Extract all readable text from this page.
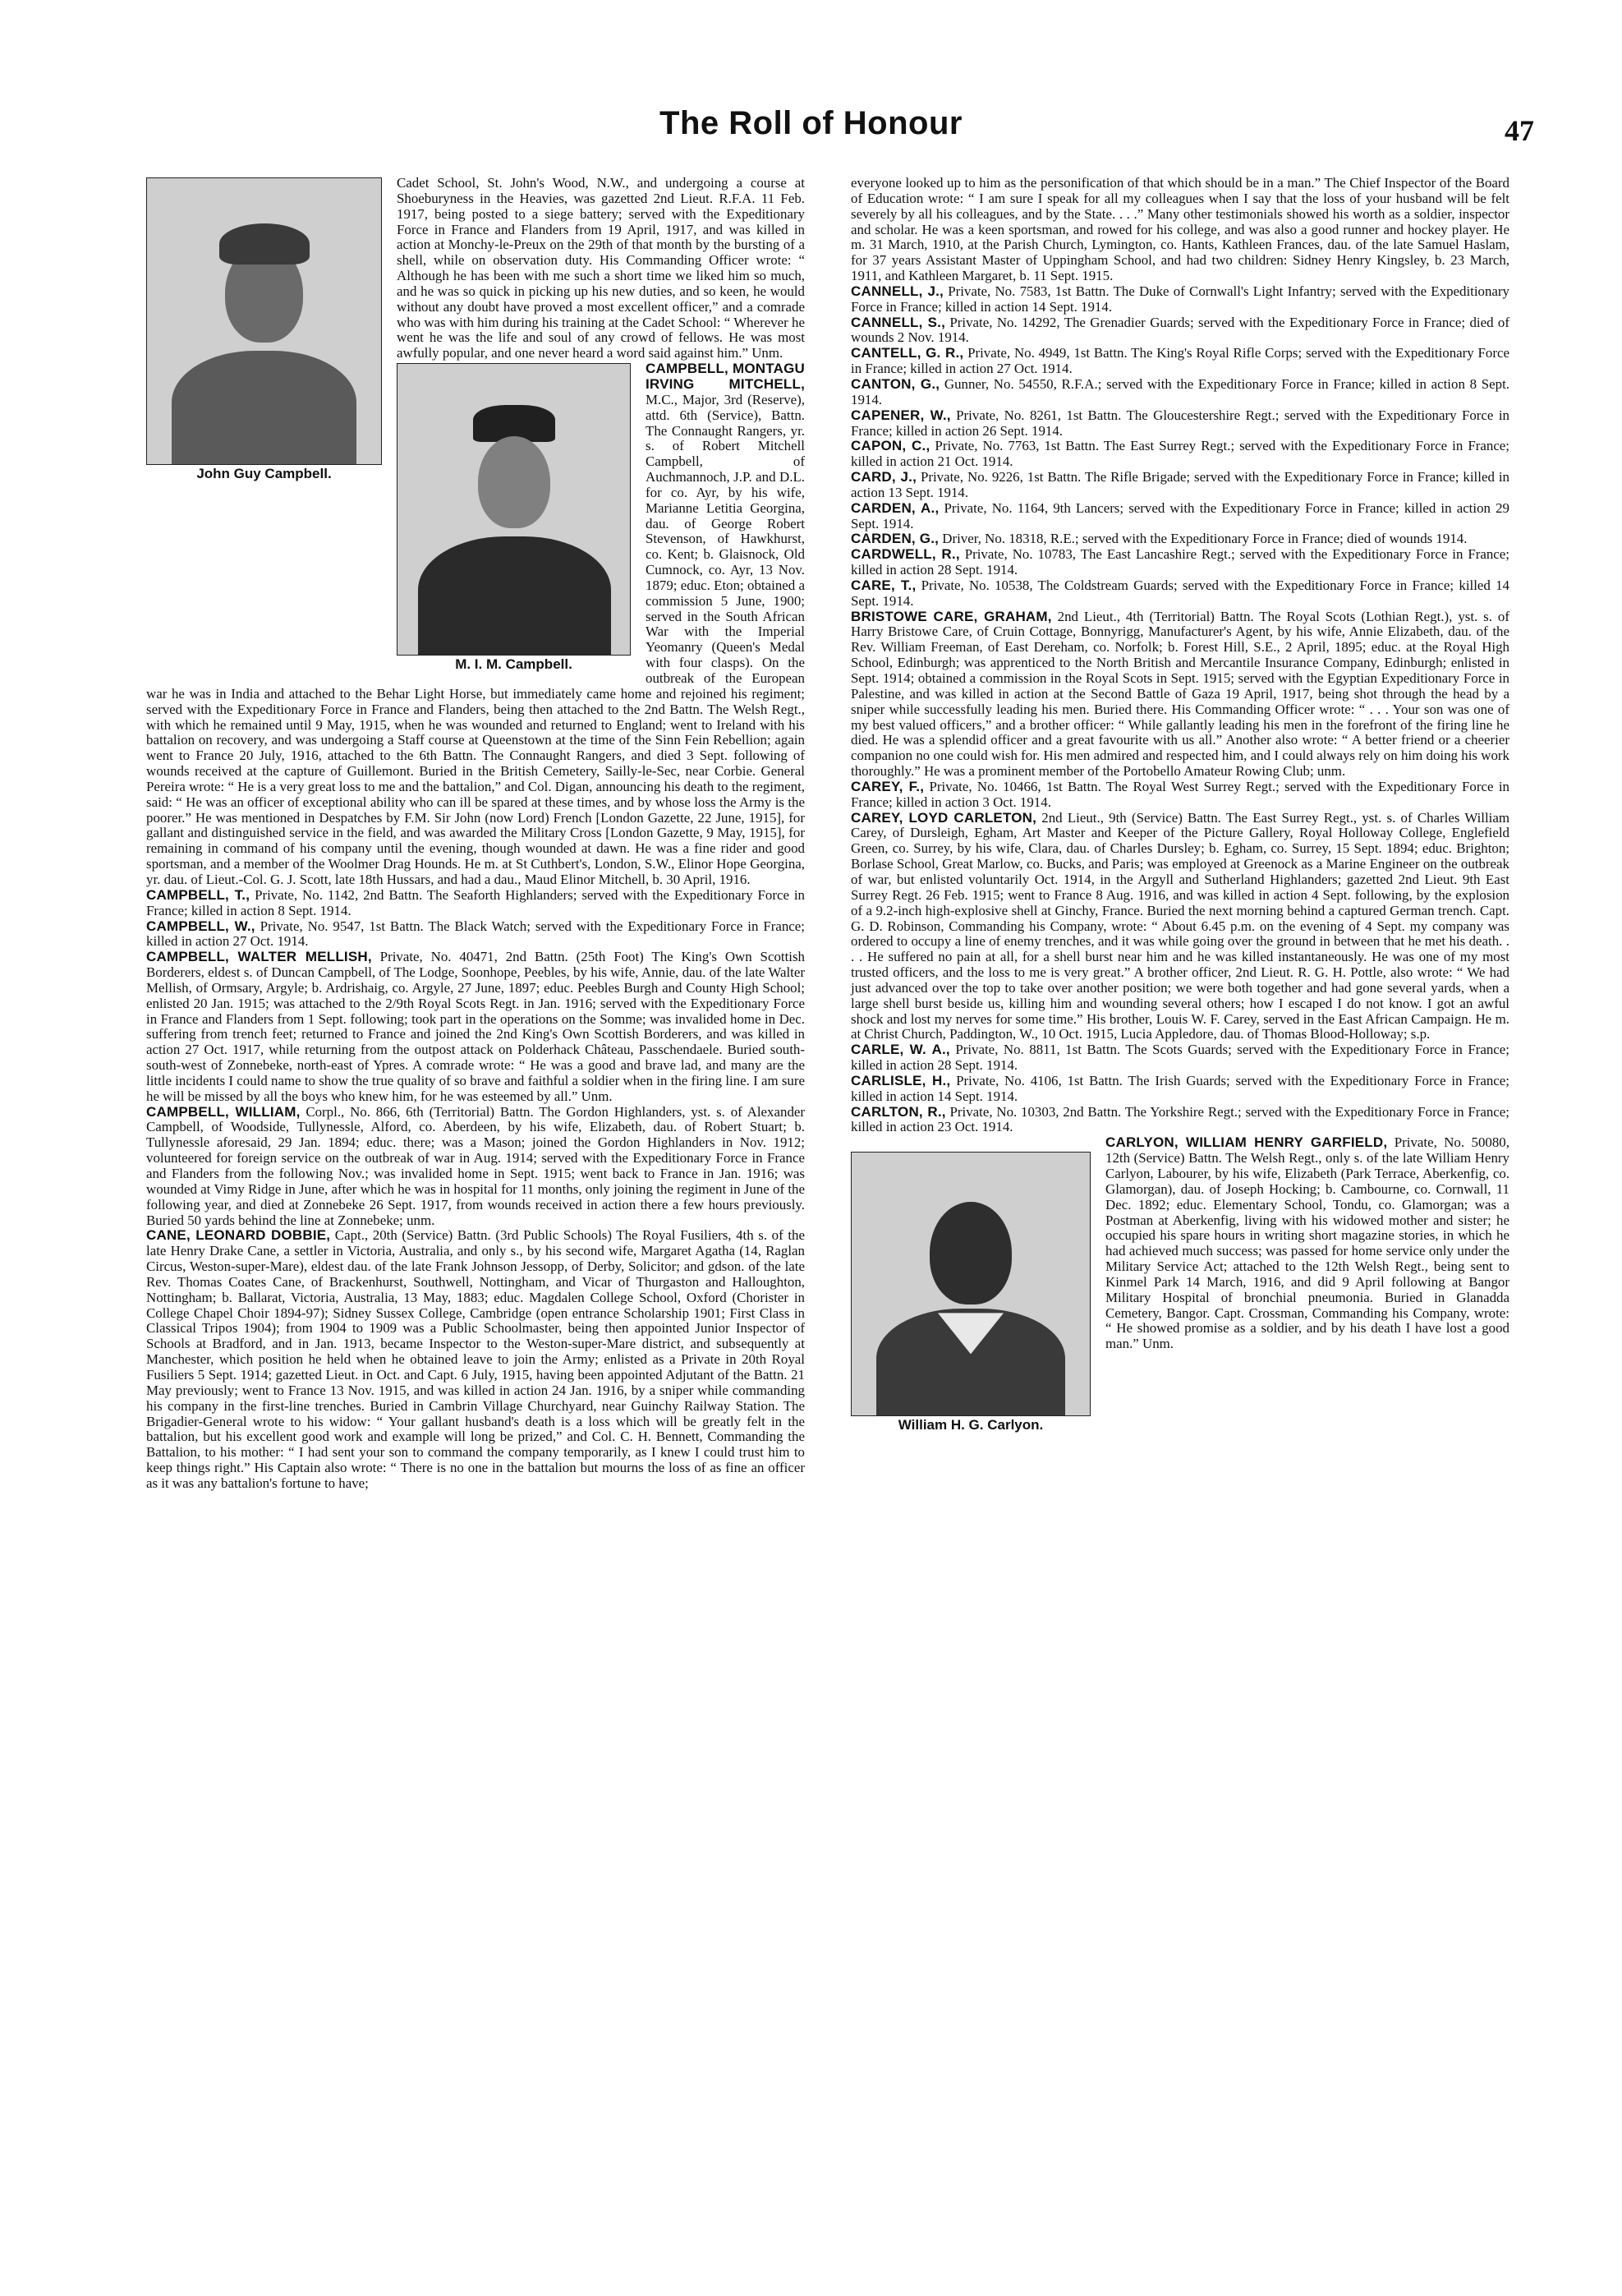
The Roll of Honour	47
John Guy Campbell.

Cadet School, St. John's Wood, N.W., and undergoing a course at Shoeburyness in the Heavies, was gazetted 2nd Lieut. R.F.A. 11 Feb. 1917, being posted to a siege battery; served with the Expeditionary Force in France and Flanders from 19 April, 1917, and was killed in action at Monchy-le-Preux on the 29th of that month by the bursting of a shell, while on observation duty. His Commanding Officer wrote: “ Although he has been with me such a short time we liked him so much, and he was so quick in picking up his new duties, and so keen, he would without any doubt have proved a most excellent officer,” and a comrade who was with him during his training at the Cadet School: “ Wherever he went he was the life and soul of any crowd of fellows. He was most awfully popular, and one never heard a word said against him.” Unm.

M. I. M. Campbell.

CAMPBELL, MONTAGU IRVING MITCHELL, M.C., Major, 3rd (Reserve), attd. 6th (Service), Battn. The Connaught Rangers, yr. s. of Robert Mitchell Campbell, of Auchmannoch, J.P. and D.L. for co. Ayr, by his wife, Marianne Letitia Georgina, dau. of George Robert Stevenson, of Hawkhurst, co. Kent; b. Glaisnock, Old Cumnock, co. Ayr, 13 Nov. 1879; educ. Eton; obtained a commission 5 June, 1900; served in the South African War with the Imperial Yeomanry (Queen's Medal with four clasps). On the outbreak of the European war he was in India and attached to the Behar Light Horse, but immediately came home and rejoined his regiment; served with the Expeditionary Force in France and Flanders, being then attached to the 2nd Battn. The Welsh Regt., with which he remained until 9 May, 1915, when he was wounded and returned to England; went to Ireland with his battalion on recovery, and was undergoing a Staff course at Queenstown at the time of the Sinn Fein Rebellion; again went to France 20 July, 1916, attached to the 6th Battn. The Connaught Rangers, and died 3 Sept. following of wounds received at the capture of Guillemont. Buried in the British Cemetery, Sailly-le-Sec, near Corbie. General Pereira wrote: “ He is a very great loss to me and the battalion,” and Col. Digan, announcing his death to the regiment, said: “ He was an officer of exceptional ability who can ill be spared at these times, and by whose loss the Army is the poorer.” He was mentioned in Despatches by F.M. Sir John (now Lord) French [London Gazette, 22 June, 1915], for gallant and distinguished service in the field, and was awarded the Military Cross [London Gazette, 9 May, 1915], for remaining in command of his company until the evening, though wounded at dawn. He was a fine rider and good sportsman, and a member of the Woolmer Drag Hounds. He m. at St Cuthbert's, London, S.W., Elinor Hope Georgina, yr. dau. of Lieut.-Col. G. J. Scott, late 18th Hussars, and had a dau., Maud Elinor Mitchell, b. 30 April, 1916.

CAMPBELL, T., Private, No. 1142, 2nd Battn. The Seaforth Highlanders; served with the Expeditionary Force in France; killed in action 8 Sept. 1914.

CAMPBELL, W., Private, No. 9547, 1st Battn. The Black Watch; served with the Expeditionary Force in France; killed in action 27 Oct. 1914.

CAMPBELL, WALTER MELLISH, Private, No. 40471, 2nd Battn. (25th Foot) The King's Own Scottish Borderers, eldest s. of Duncan Campbell, of The Lodge, Soonhope, Peebles, by his wife, Annie, dau. of the late Walter Mellish, of Ormsary, Argyle; b. Ardrishaig, co. Argyle, 27 June, 1897; educ. Peebles Burgh and County High School; enlisted 20 Jan. 1915; was attached to the 2/9th Royal Scots Regt. in Jan. 1916; served with the Expeditionary Force in France and Flanders from 1 Sept. following; took part in the operations on the Somme; was invalided home in Dec. suffering from trench feet; returned to France and joined the 2nd King's Own Scottish Borderers, and was killed in action 27 Oct. 1917, while returning from the outpost attack on Polderhack Château, Passchendaele. Buried south-south-west of Zonnebeke, north-east of Ypres. A comrade wrote: “ He was a good and brave lad, and many are the little incidents I could name to show the true quality of so brave and faithful a soldier when in the firing line. I am sure he will be missed by all the boys who knew him, for he was esteemed by all.” Unm.

CAMPBELL, WILLIAM, Corpl., No. 866, 6th (Territorial) Battn. The Gordon Highlanders, yst. s. of Alexander Campbell, of Woodside, Tullynessle, Alford, co. Aberdeen, by his wife, Elizabeth, dau. of Robert Stuart; b. Tullynessle aforesaid, 29 Jan. 1894; educ. there; was a Mason; joined the Gordon Highlanders in Nov. 1912; volunteered for foreign service on the outbreak of war in Aug. 1914; served with the Expeditionary Force in France and Flanders from the following Nov.; was invalided home in Sept. 1915; went back to France in Jan. 1916; was wounded at Vimy Ridge in June, after which he was in hospital for 11 months, only joining the regiment in June of the following year, and died at Zonnebeke 26 Sept. 1917, from wounds received in action there a few hours previously. Buried 50 yards behind the line at Zonnebeke; unm.

CANE, LEONARD DOBBIE, Capt., 20th (Service) Battn. (3rd Public Schools) The Royal Fusiliers, 4th s. of the late Henry Drake Cane, a settler in Victoria, Australia, and only s., by his second wife, Margaret Agatha (14, Raglan Circus, Weston-super-Mare), eldest dau. of the late Frank Johnson Jessopp, of Derby, Solicitor; and gdson. of the late Rev. Thomas Coates Cane, of Brackenhurst, Southwell, Nottingham, and Vicar of Thurgaston and Halloughton, Nottingham; b. Ballarat, Victoria, Australia, 13 May, 1883; educ. Magdalen College School, Oxford (Chorister in College Chapel Choir 1894-97); Sidney Sussex College, Cambridge (open entrance Scholarship 1901; First Class in Classical Tripos 1904); from 1904 to 1909 was a Public Schoolmaster, being then appointed Junior Inspector of Schools at Bradford, and in Jan. 1913, became Inspector to the Weston-super-Mare district, and subsequently at Manchester, which position he held when he obtained leave to join the Army; enlisted as a Private in 20th Royal Fusiliers 5 Sept. 1914; gazetted Lieut. in Oct. and Capt. 6 July, 1915, having been appointed Adjutant of the Battn. 21 May previously; went to France 13 Nov. 1915, and was killed in action 24 Jan. 1916, by a sniper while commanding his company in the first-line trenches. Buried in Cambrin Village Churchyard, near Guinchy Railway Station. The Brigadier-General wrote to his widow: “ Your gallant husband's death is a loss which will be greatly felt in the battalion, but his excellent good work and example will long be prized,” and Col. C. H. Bennett, Commanding the Battalion, to his mother: “ I had sent your son to command the company temporarily, as I knew I could trust him to keep things right.” His Captain also wrote: “ There is no one in the battalion but mourns the loss of as fine an officer as it was any battalion's fortune to have;

everyone looked up to him as the personification of that which should be in a man.” The Chief Inspector of the Board of Education wrote: “ I am sure I speak for all my colleagues when I say that the loss of your husband will be felt severely by all his colleagues, and by the State. . . .” Many other testimonials showed his worth as a soldier, inspector and scholar. He was a keen sportsman, and rowed for his college, and was also a good runner and hockey player. He m. 31 March, 1910, at the Parish Church, Lymington, co. Hants, Kathleen Frances, dau. of the late Samuel Haslam, for 37 years Assistant Master of Uppingham School, and had two children: Sidney Henry Kingsley, b. 23 March, 1911, and Kathleen Margaret, b. 11 Sept. 1915.

CANNELL, J., Private, No. 7583, 1st Battn. The Duke of Cornwall's Light Infantry; served with the Expeditionary Force in France; killed in action 14 Sept. 1914.

CANNELL, S., Private, No. 14292, The Grenadier Guards; served with the Expeditionary Force in France; died of wounds 2 Nov. 1914.

CANTELL, G. R., Private, No. 4949, 1st Battn. The King's Royal Rifle Corps; served with the Expeditionary Force in France; killed in action 27 Oct. 1914.

CANTON, G., Gunner, No. 54550, R.F.A.; served with the Expeditionary Force in France; killed in action 8 Sept. 1914.

CAPENER, W., Private, No. 8261, 1st Battn. The Gloucestershire Regt.; served with the Expeditionary Force in France; killed in action 26 Sept. 1914.

CAPON, C., Private, No. 7763, 1st Battn. The East Surrey Regt.; served with the Expeditionary Force in France; killed in action 21 Oct. 1914.

CARD, J., Private, No. 9226, 1st Battn. The Rifle Brigade; served with the Expeditionary Force in France; killed in action 13 Sept. 1914.

CARDEN, A., Private, No. 1164, 9th Lancers; served with the Expeditionary Force in France; killed in action 29 Sept. 1914.

CARDEN, G., Driver, No. 18318, R.E.; served with the Expeditionary Force in France; died of wounds 1914.

CARDWELL, R., Private, No. 10783, The East Lancashire Regt.; served with the Expeditionary Force in France; killed in action 28 Sept. 1914.

CARE, T., Private, No. 10538, The Coldstream Guards; served with the Expeditionary Force in France; killed 14 Sept. 1914.

BRISTOWE CARE, GRAHAM, 2nd Lieut., 4th (Territorial) Battn. The Royal Scots (Lothian Regt.), yst. s. of Harry Bristowe Care, of Cruin Cottage, Bonnyrigg, Manufacturer's Agent, by his wife, Annie Elizabeth, dau. of the Rev. William Freeman, of East Dereham, co. Norfolk; b. Forest Hill, S.E., 2 April, 1895; educ. at the Royal High School, Edinburgh; was apprenticed to the North British and Mercantile Insurance Company, Edinburgh; enlisted in Sept. 1914; obtained a commission in the Royal Scots in Sept. 1915; served with the Egyptian Expeditionary Force in Palestine, and was killed in action at the Second Battle of Gaza 19 April, 1917, being shot through the head by a sniper while successfully leading his men. Buried there. His Commanding Officer wrote: “ . . . Your son was one of my best valued officers,” and a brother officer: “ While gallantly leading his men in the forefront of the firing line he died. He was a splendid officer and a great favourite with us all.” Another also wrote: “ A better friend or a cheerier companion no one could wish for. His men admired and respected him, and I could always rely on him doing his work thoroughly.” He was a prominent member of the Portobello Amateur Rowing Club; unm.

CAREY, F., Private, No. 10466, 1st Battn. The Royal West Surrey Regt.; served with the Expeditionary Force in France; killed in action 3 Oct. 1914.

CAREY, LOYD CARLETON, 2nd Lieut., 9th (Service) Battn. The East Surrey Regt., yst. s. of Charles William Carey, of Dursleigh, Egham, Art Master and Keeper of the Picture Gallery, Royal Holloway College, Englefield Green, co. Surrey, by his wife, Clara, dau. of Charles Dursley; b. Egham, co. Surrey, 15 Sept. 1894; educ. Brighton; Borlase School, Great Marlow, co. Bucks, and Paris; was employed at Greenock as a Marine Engineer on the outbreak of war, but enlisted voluntarily Oct. 1914, in the Argyll and Sutherland Highlanders; gazetted 2nd Lieut. 9th East Surrey Regt. 26 Feb. 1915; went to France 8 Aug. 1916, and was killed in action 4 Sept. following, by the explosion of a 9.2-inch high-explosive shell at Ginchy, France. Buried the next morning behind a captured German trench. Capt. G. D. Robinson, Commanding his Company, wrote: “ About 6.45 p.m. on the evening of 4 Sept. my company was ordered to occupy a line of enemy trenches, and it was while going over the ground in between that he met his death. . . . He suffered no pain at all, for a shell burst near him and he was killed instantaneously. He was one of my most trusted officers, and the loss to me is very great.” A brother officer, 2nd Lieut. R. G. H. Pottle, also wrote: “ We had just advanced over the top to take over another position; we were both together and had gone several yards, when a large shell burst beside us, killing him and wounding several others; how I escaped I do not know. I got an awful shock and lost my nerves for some time.” His brother, Louis W. F. Carey, served in the East African Campaign. He m. at Christ Church, Paddington, W., 10 Oct. 1915, Lucia Appledore, dau. of Thomas Blood-Holloway; s.p.

CARLE, W. A., Private, No. 8811, 1st Battn. The Scots Guards; served with the Expeditionary Force in France; killed in action 28 Sept. 1914.

CARLISLE, H., Private, No. 4106, 1st Battn. The Irish Guards; served with the Expeditionary Force in France; killed in action 14 Sept. 1914.

CARLTON, R., Private, No. 10303, 2nd Battn. The Yorkshire Regt.; served with the Expeditionary Force in France; killed in action 23 Oct. 1914.

William H. G. Carlyon.

CARLYON, WILLIAM HENRY GARFIELD, Private, No. 50080, 12th (Service) Battn. The Welsh Regt., only s. of the late William Henry Carlyon, Labourer, by his wife, Elizabeth (Park Terrace, Aberkenfig, co. Glamorgan), dau. of Joseph Hocking; b. Cambourne, co. Cornwall, 11 Dec. 1892; educ. Elementary School, Tondu, co. Glamorgan; was a Postman at Aberkenfig, living with his widowed mother and sister; he occupied his spare hours in writing short magazine stories, in which he had achieved much success; was passed for home service only under the Military Service Act; attached to the 12th Welsh Regt., being sent to Kinmel Park 14 March, 1916, and did 9 April following at Bangor Military Hospital of bronchial pneumonia. Buried in Glanadda Cemetery, Bangor. Capt. Crossman, Commanding his Company, wrote: “ He showed promise as a soldier, and by his death I have lost a good man.” Unm.
